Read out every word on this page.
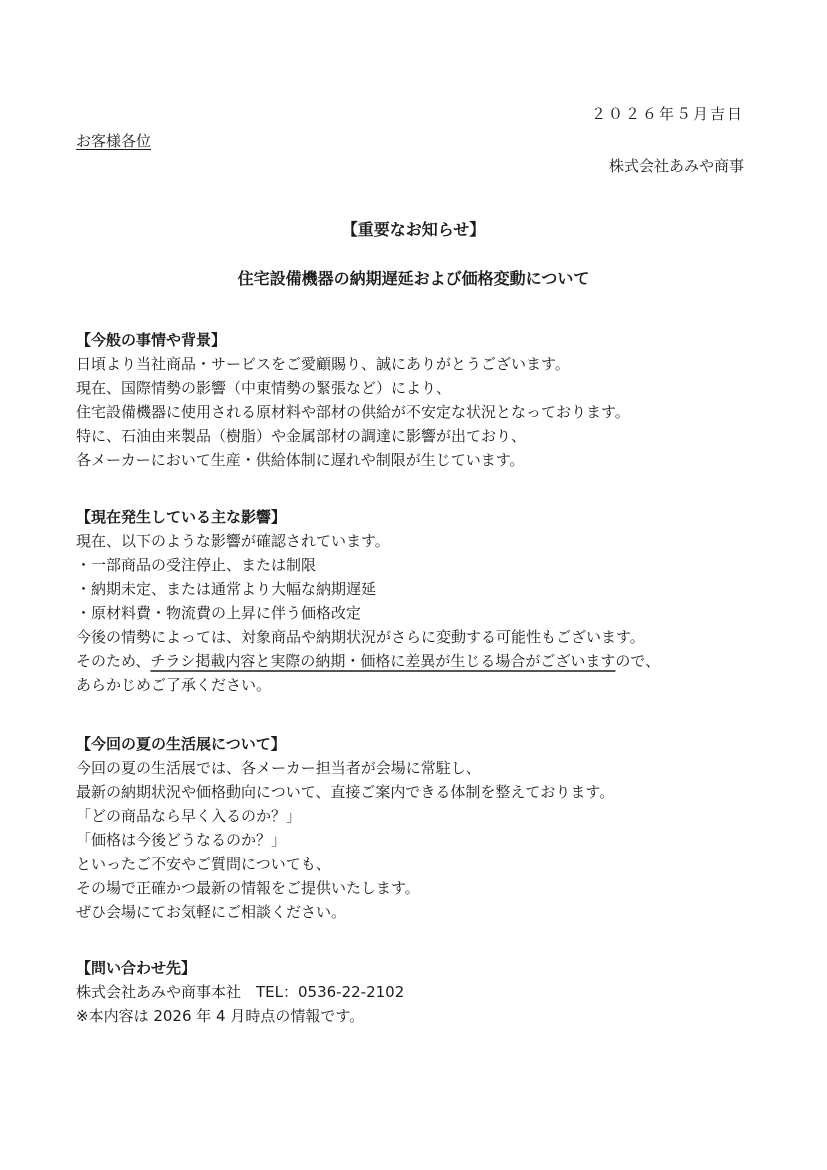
２０２６年５月吉日
お客様各位
株式会社あみや商事
【重要なお知らせ】
住宅設備機器の納期遅延および価格変動について
【今般の事情や背景】
日頃より当社商品・サービスをご愛顧賜り、誠にありがとうございます。
現在、国際情勢の影響（中東情勢の緊張など）により、
住宅設備機器に使用される原材料や部材の供給が不安定な状況となっております。
特に、石油由来製品（樹脂）や金属部材の調達に影響が出ており、
各メーカーにおいて生産・供給体制に遅れや制限が生じています。
【現在発生している主な影響】
現在、以下のような影響が確認されています。
・一部商品の受注停止、または制限
・納期未定、または通常より大幅な納期遅延
・原材料費・物流費の上昇に伴う価格改定
今後の情勢によっては、対象商品や納期状況がさらに変動する可能性もございます。
そのため、チラシ掲載内容と実際の納期・価格に差異が生じる場合がございますので、
あらかじめご了承ください。
【今回の夏の生活展について】
今回の夏の生活展では、各メーカー担当者が会場に常駐し、
最新の納期状況や価格動向について、直接ご案内できる体制を整えております。
「どの商品なら早く入るのか？」
「価格は今後どうなるのか？」
といったご不安やご質問についても、
その場で正確かつ最新の情報をご提供いたします。
ぜひ会場にてお気軽にご相談ください。
【問い合わせ先】
株式会社あみや商事本社　TEL：0536-22-2102
※本内容は 2026 年 4 月時点の情報です。
